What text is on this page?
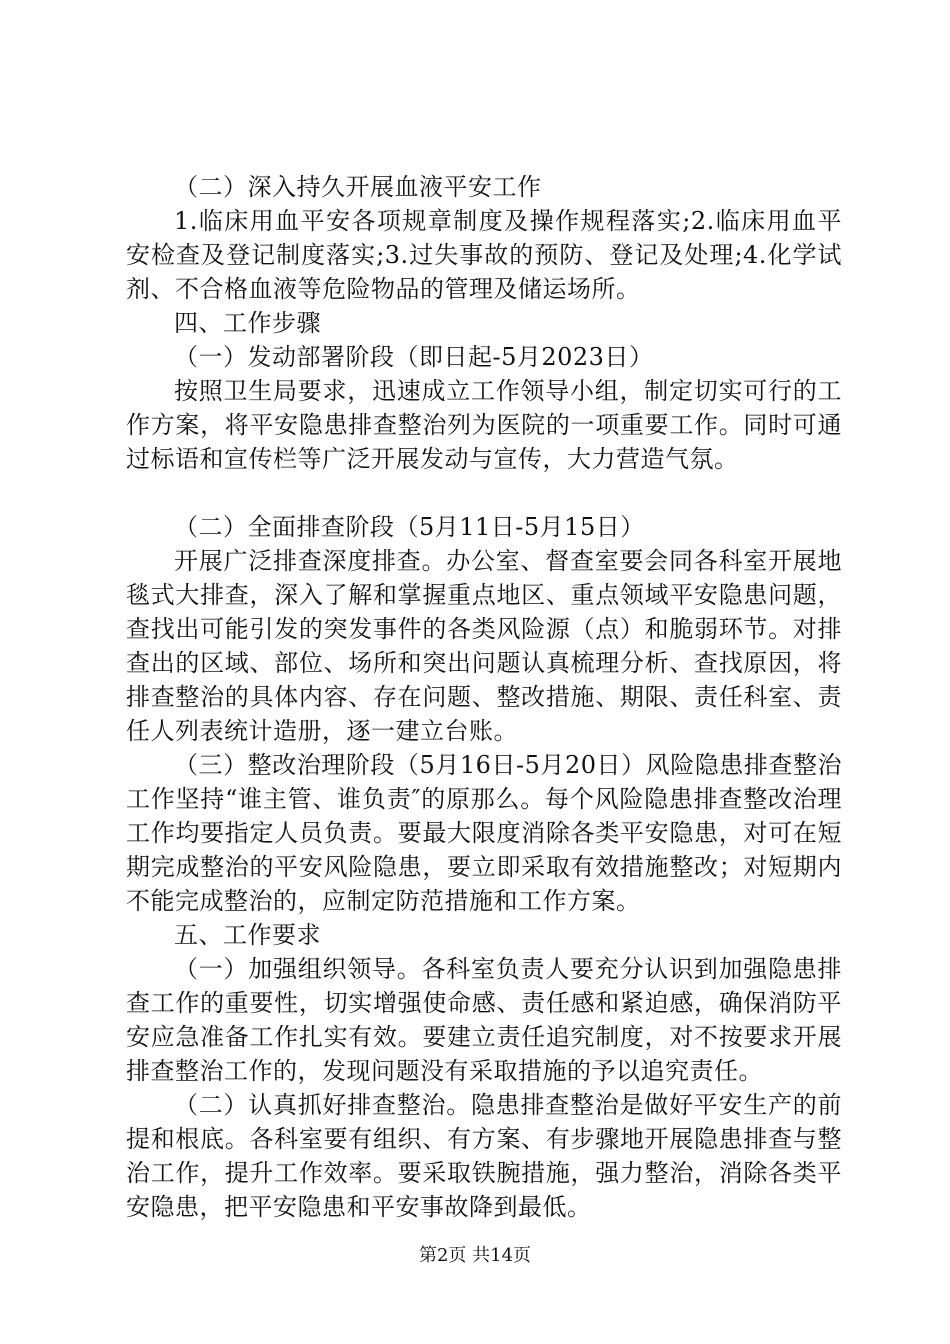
（二）深入持久开展血液平安工作

1.临床用血平安各项规章制度及操作规程落实;2.临床用血平安检查及登记制度落实;3.过失事故的预防、登记及处理;4.化学试剂、不合格血液等危险物品的管理及储运场所。

四、工作步骤

（一）发动部署阶段（即日起-5月2023日）

按照卫生局要求，迅速成立工作领导小组，制定切实可行的工作方案，将平安隐患排查整治列为医院的一项重要工作。同时可通过标语和宣传栏等广泛开展发动与宣传，大力营造气氛。

（二）全面排查阶段（5月11日-5月15日）

开展广泛排查深度排查。办公室、督查室要会同各科室开展地毯式大排查，深入了解和掌握重点地区、重点领域平安隐患问题，查找出可能引发的突发事件的各类风险源（点）和脆弱环节。对排查出的区域、部位、场所和突出问题认真梳理分析、查找原因，将排查整治的具体内容、存在问题、整改措施、期限、责任科室、责任人列表统计造册，逐一建立台账。

（三）整改治理阶段（5月16日-5月20日）风险隐患排查整治工作坚持“谁主管、谁负责″的原那么。每个风险隐患排查整改治理工作均要指定人员负责。要最大限度消除各类平安隐患，对可在短期完成整治的平安风险隐患，要立即采取有效措施整改；对短期内不能完成整治的，应制定防范措施和工作方案。

五、工作要求

（一）加强组织领导。各科室负责人要充分认识到加强隐患排查工作的重要性，切实增强使命感、责任感和紧迫感，确保消防平安应急准备工作扎实有效。要建立责任追究制度，对不按要求开展排查整治工作的，发现问题没有采取措施的予以追究责任。

（二）认真抓好排查整治。隐患排查整治是做好平安生产的前提和根底。各科室要有组织、有方案、有步骤地开展隐患排查与整治工作，提升工作效率。要采取铁腕措施，强力整治，消除各类平安隐患，把平安隐患和平安事故降到最低。

第2页 共14页
